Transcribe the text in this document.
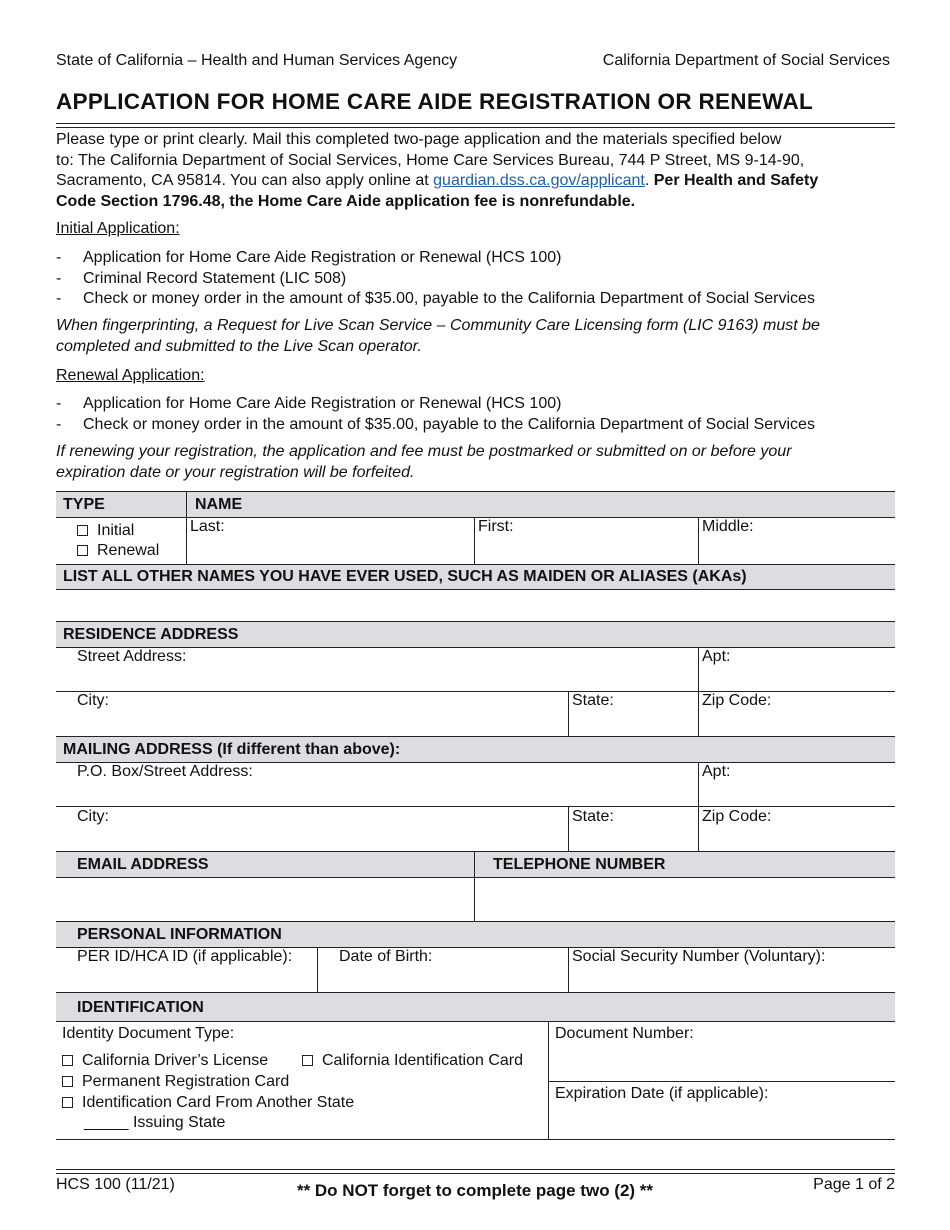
State of California – Health and Human Services Agency	California Department of Social Services
APPLICATION FOR HOME CARE AIDE REGISTRATION OR RENEWAL
Please type or print clearly. Mail this completed two-page application and the materials specified below
to: The California Department of Social Services, Home Care Services Bureau, 744 P Street, MS 9-14-90,
Sacramento, CA 95814. You can also apply online at guardian.dss.ca.gov/applicant. Per Health and Safety
Code Section 1796.48, the Home Care Aide application fee is nonrefundable.
Initial Application:
- Application for Home Care Aide Registration or Renewal (HCS 100)
- Criminal Record Statement (LIC 508)
- Check or money order in the amount of $35.00, payable to the California Department of Social Services
When fingerprinting, a Request for Live Scan Service – Community Care Licensing form (LIC 9163) must be
completed and submitted to the Live Scan operator.
Renewal Application:
- Application for Home Care Aide Registration or Renewal (HCS 100)
- Check or money order in the amount of $35.00, payable to the California Department of Social Services
If renewing your registration, the application and fee must be postmarked or submitted on or before your
expiration date or your registration will be forfeited.
TYPE	NAME
Initial
Renewal
Last:	First:	Middle:
LIST ALL OTHER NAMES YOU HAVE EVER USED, SUCH AS MAIDEN OR ALIASES (AKAs)
RESIDENCE ADDRESS
Street Address:	Apt:
City:	State:	Zip Code:
MAILING ADDRESS (If different than above):
P.O. Box/Street Address:	Apt:
City:	State:	Zip Code:
EMAIL ADDRESS	TELEPHONE NUMBER
PERSONAL INFORMATION
PER ID/HCA ID (if applicable):	Date of Birth:	Social Security Number (Voluntary):
IDENTIFICATION
Identity Document Type:
California Driver’s License	California Identification Card
Permanent Registration Card
Identification Card From Another State
_____ Issuing State
Document Number:
Expiration Date (if applicable):
HCS 100 (11/21)	** Do NOT forget to complete page two (2) **	Page 1 of 2
